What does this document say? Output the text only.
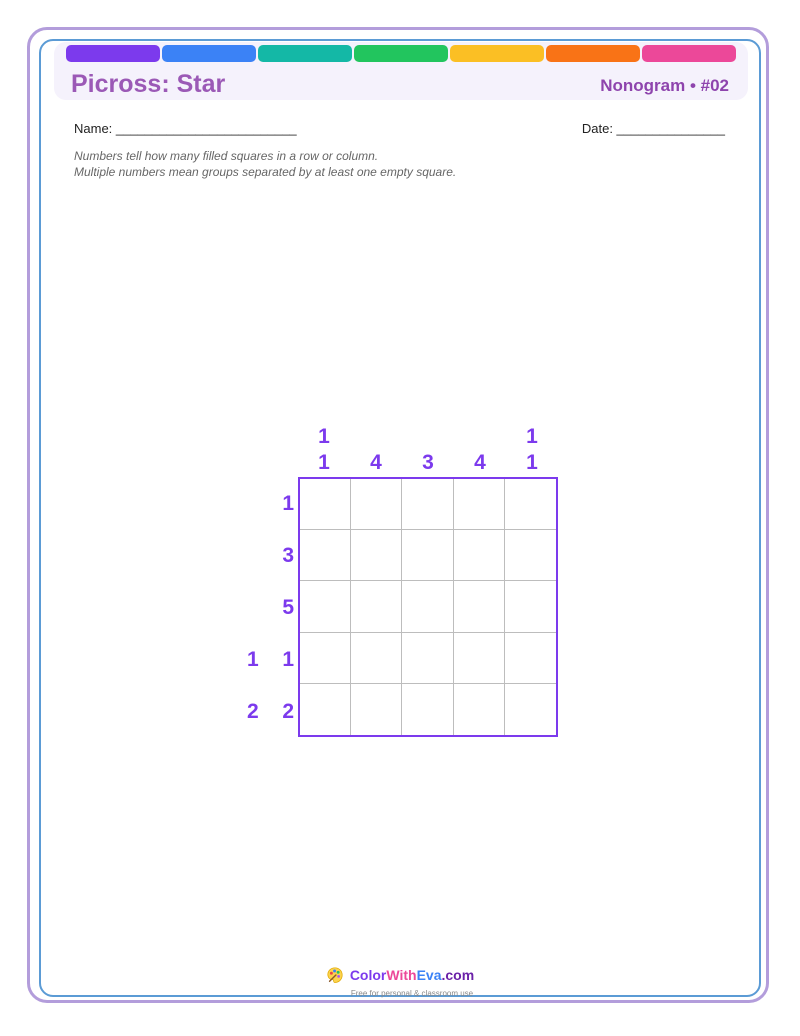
Picross: Star	Nonogram • #02
Name: _________________________	Date: _______________
Numbers tell how many filled squares in a row or column.
Multiple numbers mean groups separated by at least one empty square.
1
1	4	3	4
1
1
1
3
5
1  1
2  2
ColorWithEva.com
Free for personal & classroom use
